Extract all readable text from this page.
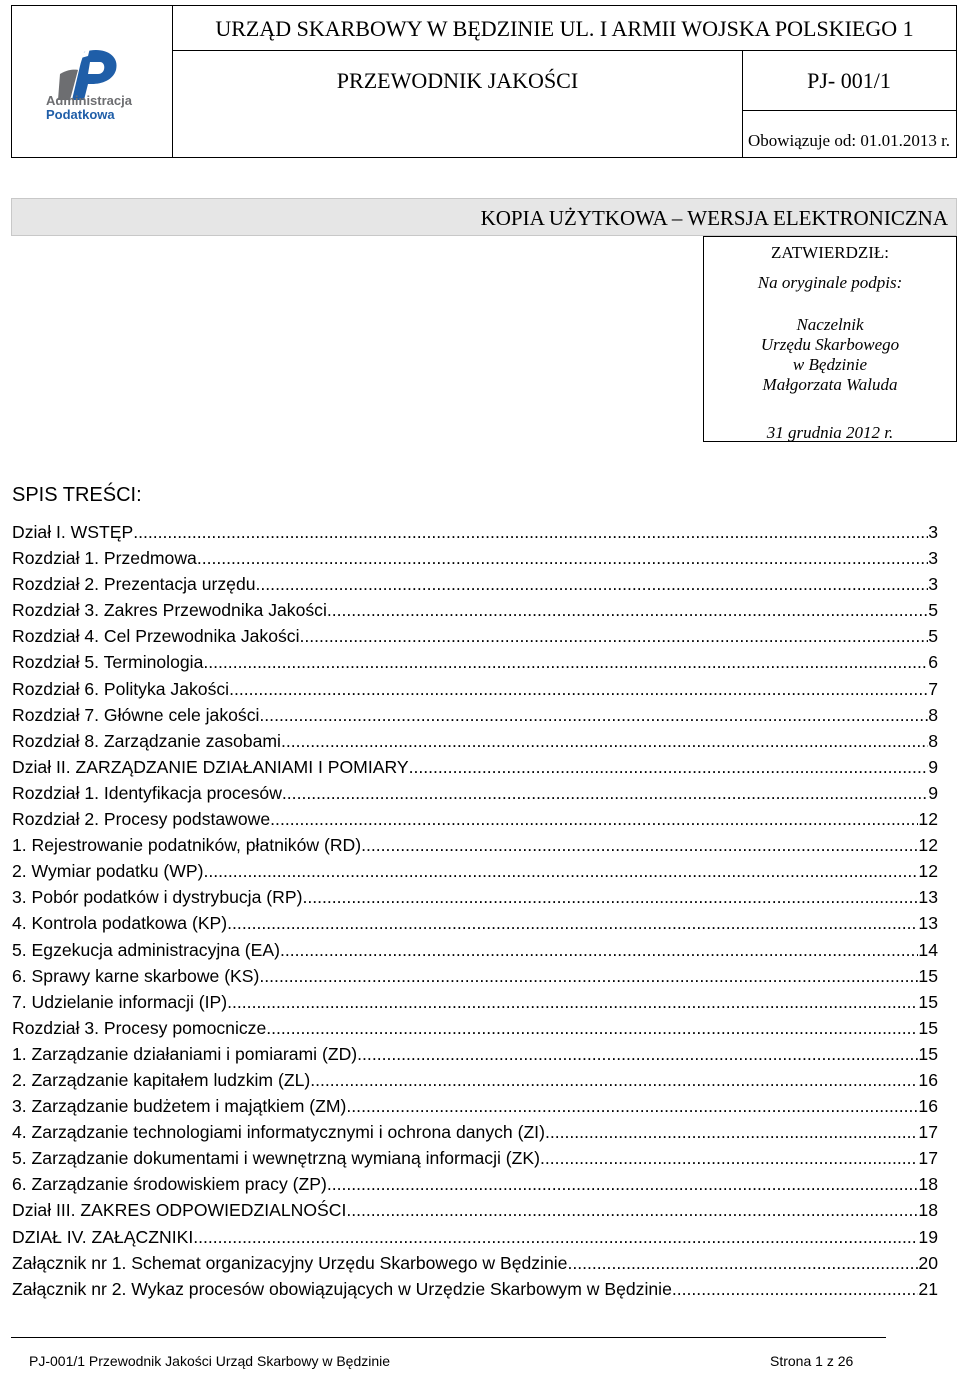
Administracja
Podatkowa
URZĄD SKARBOWY W BĘDZINIE UL. I ARMII WOJSKA POLSKIEGO 1
PRZEWODNIK JAKOŚCI	PJ- 001/1
Obowiązuje od: 01.01.2013 r.
KOPIA UŻYTKOWA – WERSJA ELEKTRONICZNA
ZATWIERDZIŁ:
Na oryginale podpis:
Naczelnik
Urzędu Skarbowego
w Będzinie
Małgorzata Waluda
31 grudnia 2012 r.
SPIS TREŚCI:
Dział I. WSTĘP .....	3
Rozdział 1. Przedmowa .....	3
Rozdział 2. Prezentacja urzędu .....	3
Rozdział 3. Zakres Przewodnika Jakości .....	5
Rozdział 4. Cel Przewodnika Jakości .....	5
Rozdział 5. Terminologia .....	6
Rozdział 6. Polityka Jakości .....	7
Rozdział 7. Główne cele jakości .....	8
Rozdział 8. Zarządzanie zasobami .....	8
Dział II. ZARZĄDZANIE DZIAŁANIAMI I POMIARY .....	9
Rozdział 1. Identyfikacja procesów .....	9
Rozdział 2. Procesy podstawowe .....	12
1. Rejestrowanie podatników, płatników (RD) .....	12
2. Wymiar podatku (WP) .....	12
3. Pobór podatków i dystrybucja (RP) .....	13
4. Kontrola podatkowa (KP) .....	13
5. Egzekucja administracyjna (EA) .....	14
6. Sprawy karne skarbowe (KS) .....	15
7. Udzielanie informacji (IP) .....	15
Rozdział 3. Procesy pomocnicze .....	15
1. Zarządzanie działaniami i pomiarami (ZD) .....	15
2. Zarządzanie kapitałem ludzkim (ZL) .....	16
3. Zarządzanie budżetem i majątkiem (ZM) .....	16
4. Zarządzanie technologiami informatycznymi i ochrona danych (ZI) .....	17
5. Zarządzanie dokumentami i wewnętrzną wymianą informacji (ZK) .....	17
6. Zarządzanie środowiskiem pracy (ZP) .....	18
Dział III. ZAKRES ODPOWIEDZIALNOŚCI .....	18
DZIAŁ IV. ZAŁĄCZNIKI .....	19
Załącznik nr 1. Schemat organizacyjny Urzędu Skarbowego w Będzinie. .....	20
Załącznik nr 2. Wykaz procesów obowiązujących w Urzędzie Skarbowym w Będzinie. .....	21
PJ-001/1 Przewodnik Jakości Urząd Skarbowy w Będzinie	Strona 1 z 26
